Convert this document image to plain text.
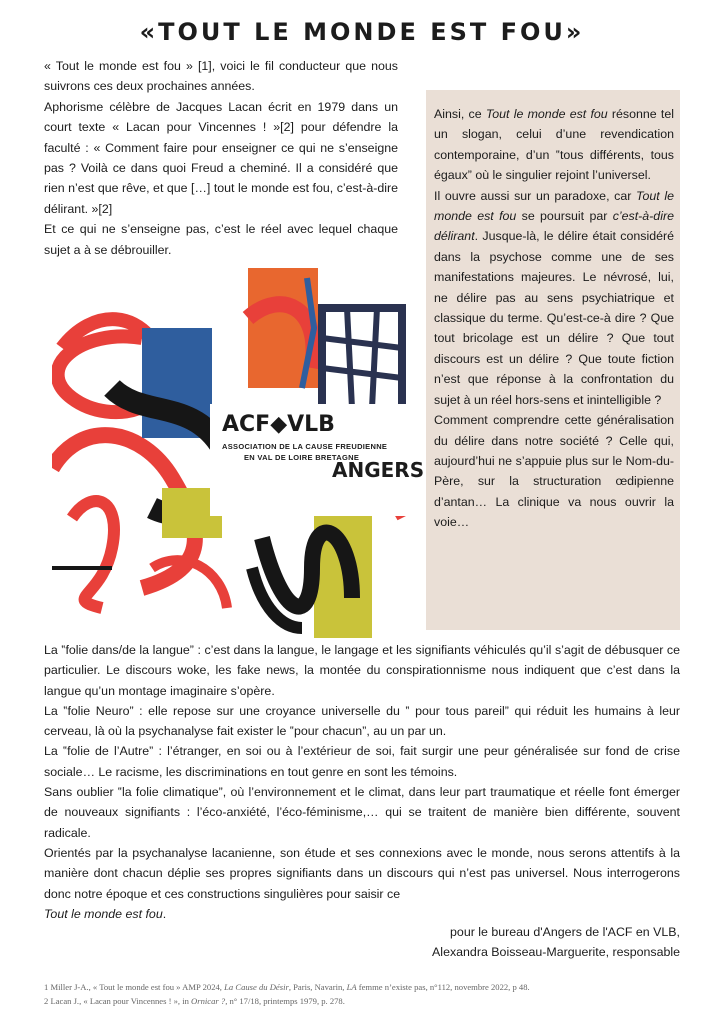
«TOUT LE MONDE EST FOU»

« Tout le monde est fou » [1], voici le fil conducteur que nous suivrons ces deux prochaines années.

Aphorisme célèbre de Jacques Lacan écrit en 1979 dans un court texte « Lacan pour Vincennes ! »[2] pour défendre la faculté : « Comment faire pour enseigner ce qui ne s’enseigne pas ? Voilà ce dans quoi Freud a cheminé. Il a considéré que rien n’est que rêve, et que […] tout le monde est fou, c’est-à-dire délirant. »[2]

Et ce qui ne s’enseigne pas, c’est le réel avec lequel chaque sujet a à se débrouiller.

Ainsi, ce Tout le monde est fou résonne tel un slogan, celui d’une revendication contemporaine, d’un ‟tous différents, tous égaux” où le singulier rejoint l’universel.

Il ouvre aussi sur un paradoxe, car Tout le monde est fou se poursuit par c’est-à-dire délirant. Jusque-là, le délire était considéré dans la psychose comme une de ses manifestations majeures. Le névrosé, lui, ne délire pas au sens psychiatrique et classique du terme. Qu’est-ce-à dire ? Que tout bricolage est un délire ? Que tout discours est un délire ? Que toute fiction n’est que réponse à la confrontation du sujet à un réel hors-sens et inintelligible ?

Comment comprendre cette généralisation du délire dans notre société ? Celle qui, aujourd’hui ne s’appuie plus sur le Nom-du-Père, sur la structuration œdipienne d’antan… La clinique va nous ouvrir la voie…

ACF◆VLB
ASSOCIATION DE LA CAUSE FREUDIENNE
EN VAL DE LOIRE BRETAGNE
ANGERS

La ‟folie dans/de la langue” : c’est dans la langue, le langage et les signifiants véhiculés qu’il s’agit de débusquer ce particulier. Le discours woke, les fake news, la montée du conspirationnisme nous indiquent que c’est dans la langue qu’un montage imaginaire s’opère.

La ‟folie Neuro” : elle repose sur une croyance universelle du ‟ pour tous pareil” qui réduit les humains à leur cerveau, là où la psychanalyse fait exister le ‟pour chacun”, au un par un.

La ‟folie de l’Autre” : l’étranger, en soi ou à l’extérieur de soi, fait surgir une peur généralisée sur fond de crise sociale… Le racisme, les discriminations en tout genre en sont les témoins.

Sans oublier ‟la folie climatique”, où l’environnement et le climat, dans leur part traumatique et réelle font émerger de nouveaux signifiants : l’éco-anxiété, l’éco-féminisme,… qui se traitent de manière bien différente, souvent radicale.

Orientés par la psychanalyse lacanienne, son étude et ses connexions avec le monde, nous serons attentifs à la manière dont chacun déplie ses propres signifiants dans un discours qui n’est pas universel. Nous interrogerons donc notre époque et ces constructions singulières pour saisir ce
Tout le monde est fou.

pour le bureau d'Angers de l'ACF en VLB,

Alexandra Boisseau-Marguerite, responsable

1 Miller J-A., « Tout le monde est fou » AMP 2024, La Cause du Désir, Paris, Navarin, LA femme n’existe pas, n°112, novembre 2022, p 48.

2 Lacan J., « Lacan pour Vincennes ! », in Ornicar ?, n° 17/18, printemps 1979, p. 278.
